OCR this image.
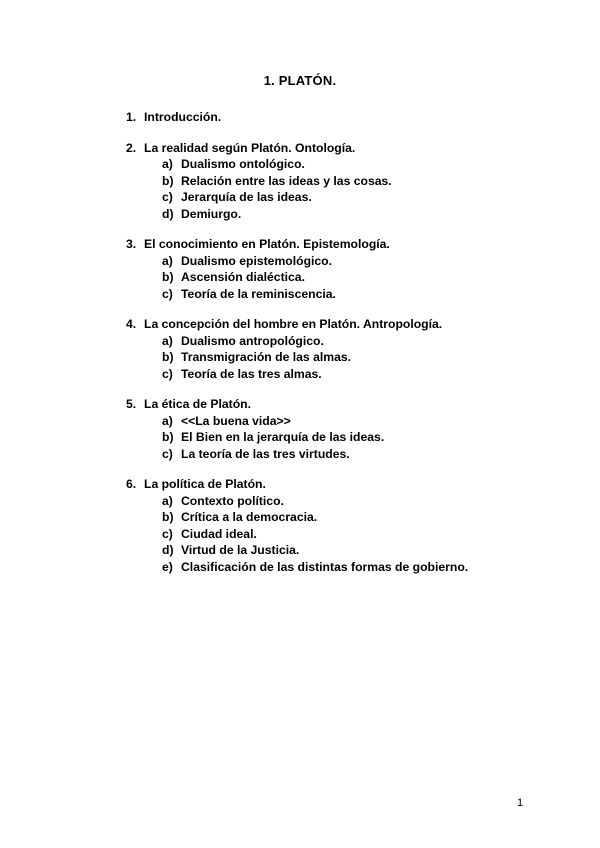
1. PLATÓN.
1. Introducción.
2. La realidad según Platón. Ontología.
a) Dualismo ontológico.
b) Relación entre las ideas y las cosas.
c) Jerarquía de las ideas.
d) Demiurgo.
3. El conocimiento en Platón. Epistemología.
a) Dualismo epistemológico.
b) Ascensión dialéctica.
c) Teoría de la reminiscencia.
4. La concepción del hombre en Platón. Antropología.
a) Dualismo antropológico.
b) Transmigración de las almas.
c) Teoría de las tres almas.
5. La ética de Platón.
a) <<La buena vida>>
b) El Bien en la jerarquía de las ideas.
c) La teoría de las tres virtudes.
6. La política de Platón.
a) Contexto político.
b) Crítica a la democracia.
c) Ciudad ideal.
d) Virtud de la Justicia.
e) Clasificación de las distintas formas de gobierno.
1
